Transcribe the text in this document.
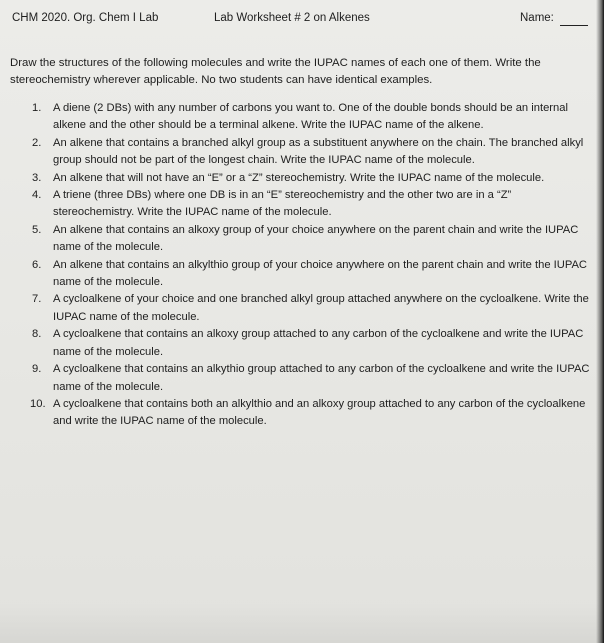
CHM 2020. Org. Chem I Lab	Lab Worksheet # 2 on Alkenes	Name:
Draw the structures of the following molecules and write the IUPAC names of each one of them. Write the stereochemistry wherever applicable. No two students can have identical examples.
1. A diene (2 DBs) with any number of carbons you want to. One of the double bonds should be an internal alkene and the other should be a terminal alkene. Write the IUPAC name of the alkene.
2. An alkene that contains a branched alkyl group as a substituent anywhere on the chain. The branched alkyl group should not be part of the longest chain. Write the IUPAC name of the molecule.
3. An alkene that will not have an “E” or a “Z” stereochemistry. Write the IUPAC name of the molecule.
4. A triene (three DBs) where one DB is in an “E” stereochemistry and the other two are in a “Z” stereochemistry. Write the IUPAC name of the molecule.
5. An alkene that contains an alkoxy group of your choice anywhere on the parent chain and write the IUPAC name of the molecule.
6. An alkene that contains an alkylthio group of your choice anywhere on the parent chain and write the IUPAC name of the molecule.
7. A cycloalkene of your choice and one branched alkyl group attached anywhere on the cycloalkene. Write the IUPAC name of the molecule.
8. A cycloalkene that contains an alkoxy group attached to any carbon of the cycloalkene and write the IUPAC name of the molecule.
9. A cycloalkene that contains an alkythio group attached to any carbon of the cycloalkene and write the IUPAC name of the molecule.
10. A cycloalkene that contains both an alkylthio and an alkoxy group attached to any carbon of the cycloalkene and write the IUPAC name of the molecule.
